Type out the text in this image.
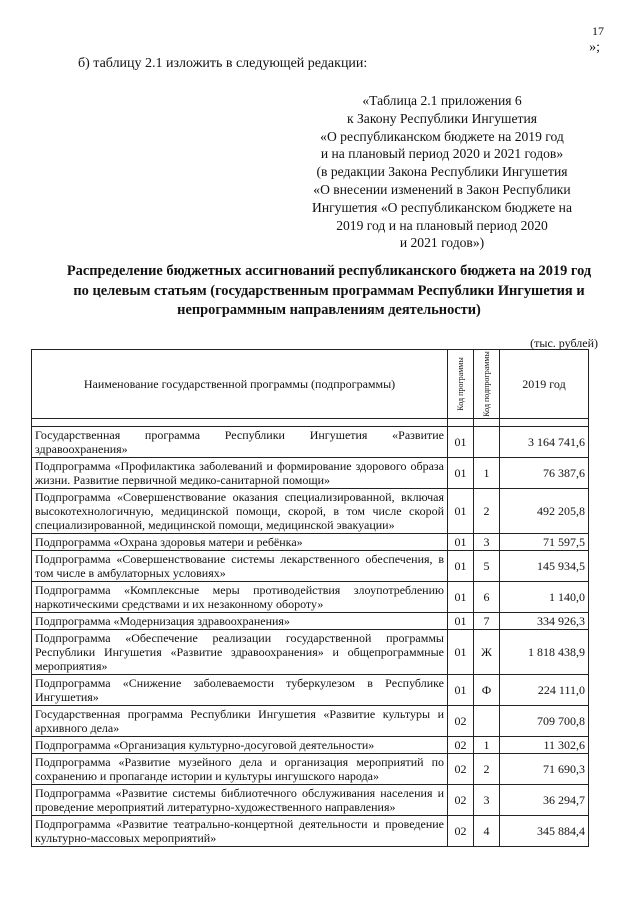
17
»;
б) таблицу 2.1 изложить в следующей редакции:
«Таблица 2.1 приложения 6
к Закону Республики Ингушетия
«О республиканском бюджете на 2019 год
и на плановый период 2020 и 2021 годов»
(в редакции Закона Республики Ингушетия
«О внесении изменений в Закон Республики
Ингушетия «О республиканском бюджете на
2019 год и на плановый период 2020
и 2021 годов»)
Распределение бюджетных ассигнований республиканского бюджета на 2019 год по целевым статьям (государственным программам Республики Ингушетия и непрограммным направлениям деятельности)
(тыс. рублей)
Наименование государственной программы (подпрограммы)	Код программы	Код подпрограммы	2019 год

Государственная программа Республики Ингушетия «Развитие здравоохранения»	01		3 164 741,6
Подпрограмма «Профилактика заболеваний и формирование здорового образа жизни. Развитие первичной медико-санитарной помощи»	01	1	76 387,6
Подпрограмма «Совершенствование оказания специализированной, включая высокотехнологичную, медицинской помощи, скорой, в том числе скорой специализированной, медицинской помощи, медицинской эвакуации»	01	2	492 205,8
Подпрограмма «Охрана здоровья матери и ребёнка»	01	3	71 597,5
Подпрограмма «Совершенствование системы лекарственного обеспечения, в том числе в амбулаторных условиях»	01	5	145 934,5
Подпрограмма «Комплексные меры противодействия злоупотреблению наркотическими средствами и их незаконному обороту»	01	6	1 140,0
Подпрограмма «Модернизация здравоохранения»	01	7	334 926,3
Подпрограмма «Обеспечение реализации государственной программы Республики Ингушетия «Развитие здравоохранения» и общепрограммные мероприятия»	01	Ж	1 818 438,9
Подпрограмма «Снижение заболеваемости туберкулезом в Республике Ингушетия»	01	Ф	224 111,0
Государственная программа Республики Ингушетия «Развитие культуры и архивного дела»	02		709 700,8
Подпрограмма «Организация культурно-досуговой деятельности»	02	1	11 302,6
Подпрограмма «Развитие музейного дела и организация мероприятий по сохранению и пропаганде истории и культуры ингушского народа»	02	2	71 690,3
Подпрограмма «Развитие системы библиотечного обслуживания населения и проведение мероприятий литературно-художественного направления»	02	3	36 294,7
Подпрограмма «Развитие театрально-концертной деятельности и проведение культурно-массовых мероприятий»	02	4	345 884,4
